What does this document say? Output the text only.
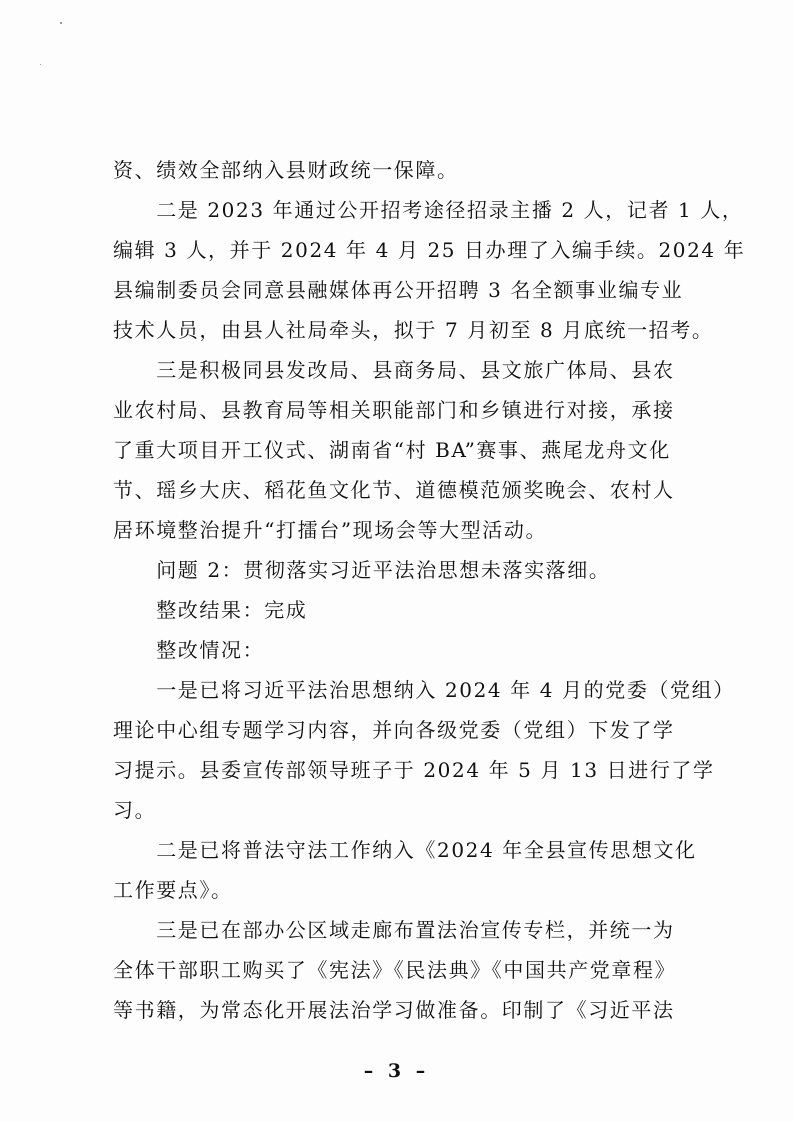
资、绩效全部纳入县财政统一保障。
　　二是 2023 年通过公开招考途径招录主播 2 人，记者 1 人，
编辑 3 人，并于 2024 年 4 月 25 日办理了入编手续。2024 年
县编制委员会同意县融媒体再公开招聘 3 名全额事业编专业
技术人员，由县人社局牵头，拟于 7 月初至 8 月底统一招考。
　　三是积极同县发改局、县商务局、县文旅广体局、县农
业农村局、县教育局等相关职能部门和乡镇进行对接，承接
了重大项目开工仪式、湖南省“村 BA”赛事、燕尾龙舟文化
节、瑶乡大庆、稻花鱼文化节、道德模范颁奖晚会、农村人
居环境整治提升“打擂台”现场会等大型活动。
　　问题 2：贯彻落实习近平法治思想未落实落细。
　　整改结果：完成
　　整改情况：
　　一是已将习近平法治思想纳入 2024 年 4 月的党委（党组）
理论中心组专题学习内容，并向各级党委（党组）下发了学
习提示。县委宣传部领导班子于 2024 年 5 月 13 日进行了学
习。
　　二是已将普法守法工作纳入《2024 年全县宣传思想文化
工作要点》。
　　三是已在部办公区域走廊布置法治宣传专栏，并统一为
全体干部职工购买了《宪法》《民法典》《中国共产党章程》
等书籍，为常态化开展法治学习做准备。印制了《习近平法
– 3 –
